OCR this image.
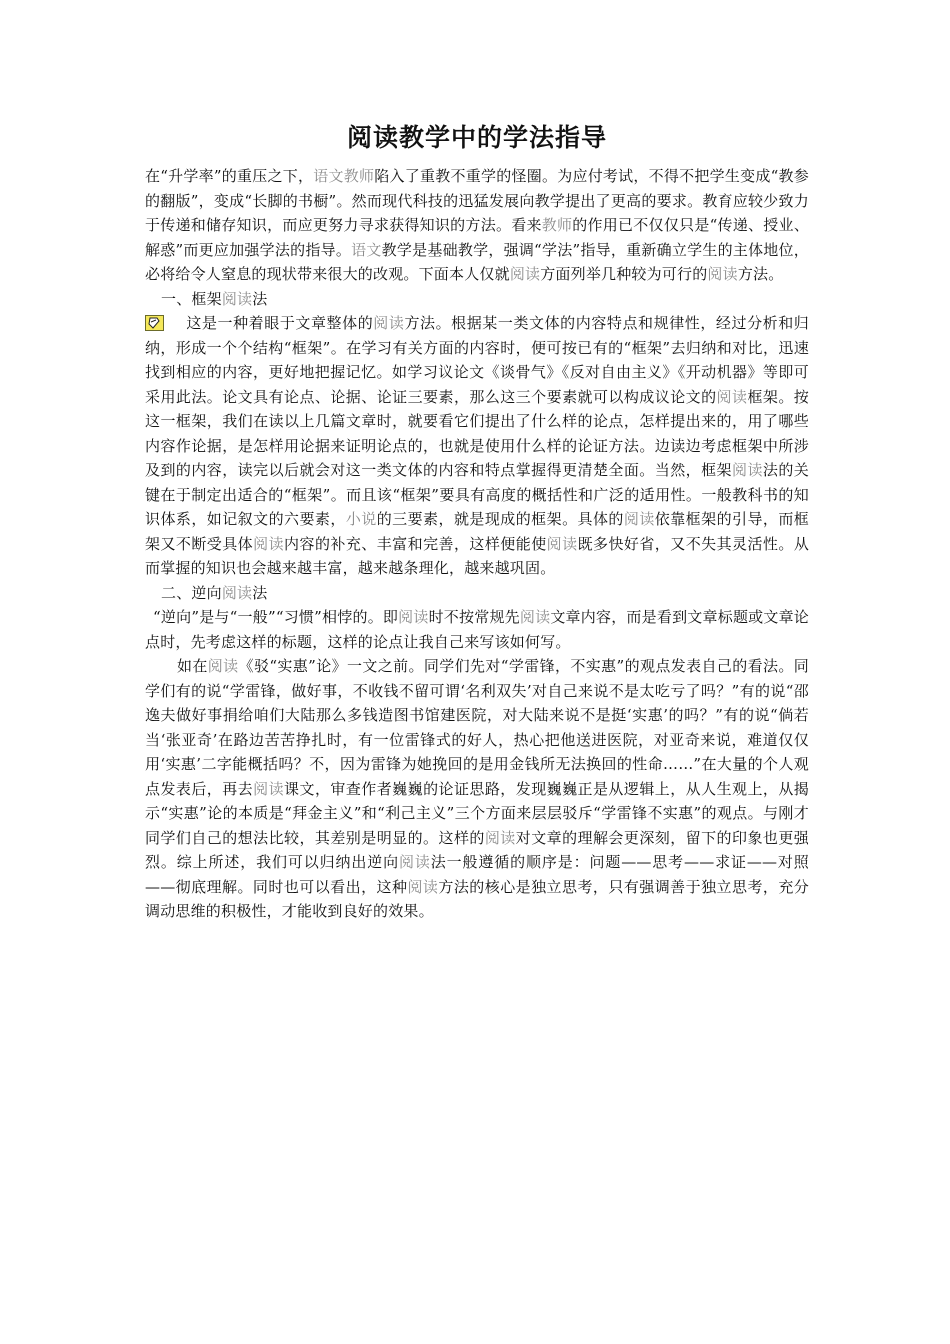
阅读教学中的学法指导

在“升学率”的重压之下，语文教师陷入了重教不重学的怪圈。为应付考试，不得不把学生变成“教参的翻版”，变成“长脚的书橱”。然而现代科技的迅猛发展向教学提出了更高的要求。教育应较少致力于传递和储存知识，而应更努力寻求获得知识的方法。看来教师的作用已不仅仅只是“传递、授业、解惑”而更应加强学法的指导。语文教学是基础教学，强调“学法”指导，重新确立学生的主体地位，必将给令人窒息的现状带来很大的改观。下面本人仅就阅读方面列举几种较为可行的阅读方法。

一、框架阅读法

这是一种着眼于文章整体的阅读方法。根据某一类文体的内容特点和规律性，经过分析和归纳，形成一个个结构“框架”。在学习有关方面的内容时，便可按已有的“框架”去归纳和对比，迅速找到相应的内容，更好地把握记忆。如学习议论文《谈骨气》《反对自由主义》《开动机器》等即可采用此法。论文具有论点、论据、论证三要素，那么这三个要素就可以构成议论文的阅读框架。按这一框架，我们在读以上几篇文章时，就要看它们提出了什么样的论点，怎样提出来的，用了哪些内容作论据，是怎样用论据来证明论点的，也就是使用什么样的论证方法。边读边考虑框架中所涉及到的内容，读完以后就会对这一类文体的内容和特点掌握得更清楚全面。当然，框架阅读法的关键在于制定出适合的“框架”。而且该“框架”要具有高度的概括性和广泛的适用性。一般教科书的知识体系，如记叙文的六要素，小说的三要素，就是现成的框架。具体的阅读依靠框架的引导，而框架又不断受具体阅读内容的补充、丰富和完善，这样便能使阅读既多快好省，又不失其灵活性。从而掌握的知识也会越来越丰富，越来越条理化，越来越巩固。

二、逆向阅读法

“逆向”是与“一般”“习惯”相悖的。即阅读时不按常规先阅读文章内容，而是看到文章标题或文章论点时，先考虑这样的标题，这样的论点让我自己来写该如何写。

如在阅读《驳“实惠”论》一文之前。同学们先对“学雷锋，不实惠”的观点发表自己的看法。同学们有的说“学雷锋，做好事，不收钱不留可谓‘名利双失’对自己来说不是太吃亏了吗？”有的说“邵逸夫做好事捐给咱们大陆那么多钱造图书馆建医院，对大陆来说不是挺‘实惠’的吗？”有的说“倘若当‘张亚奇’在路边苦苦挣扎时，有一位雷锋式的好人，热心把他送进医院，对亚奇来说，难道仅仅用‘实惠’二字能概括吗？不，因为雷锋为她挽回的是用金钱所无法换回的性命……”在大量的个人观点发表后，再去阅读课文，审查作者巍巍的论证思路，发现巍巍正是从逻辑上，从人生观上，从揭示“实惠”论的本质是“拜金主义”和“利己主义”三个方面来层层驳斥“学雷锋不实惠”的观点。与刚才同学们自己的想法比较，其差别是明显的。这样的阅读对文章的理解会更深刻，留下的印象也更强烈。综上所述，我们可以归纳出逆向阅读法一般遵循的顺序是：问题——思考——求证——对照——彻底理解。同时也可以看出，这种阅读方法的核心是独立思考，只有强调善于独立思考，充分调动思维的积极性，才能收到良好的效果。
